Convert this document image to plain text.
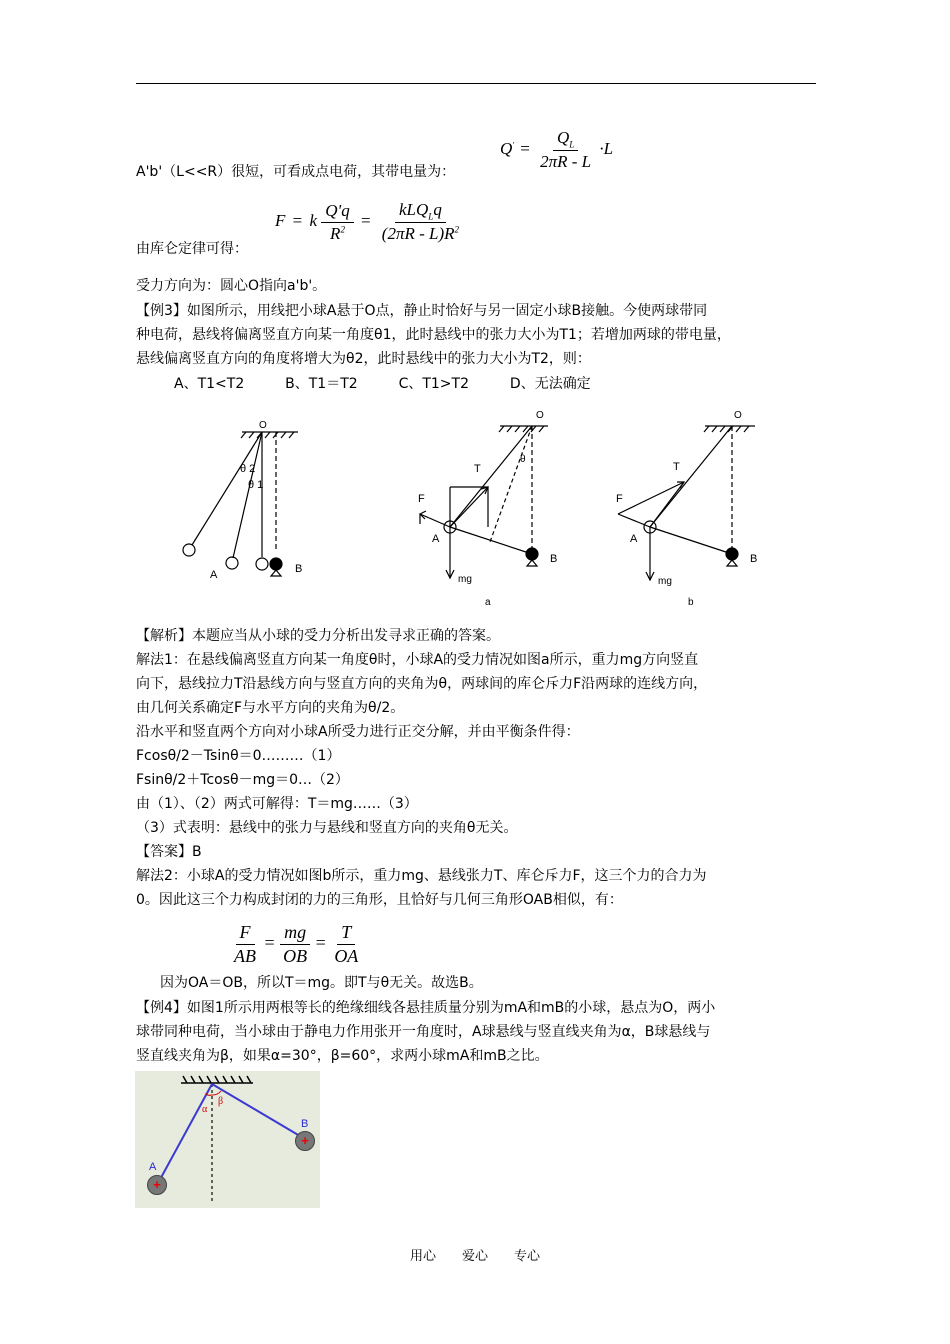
$Q' = \frac{Q_L}{2\pi R - L} \cdot L$
A'b'（L<<R）很短，可看成点电荷，其带电量为：
F = k $\frac{Q'q}{R^2} = \frac{kLQ_Lq}{(2\pi R - L)R^2}$
由库仑定律可得：
受力方向为：圆心O指向a'b'。
【例3】如图所示，用线把小球A悬于O点，静止时恰好与另一固定小球B接触。今使两球带同
种电荷，悬线将偏离竖直方向某一角度θ1，此时悬线中的张力大小为T1；若增加两球的带电量，
悬线偏离竖直方向的角度将增大为θ2，此时悬线中的张力大小为T2，则：
A、T1<T2	B、T1＝T2	C、T1>T2	D、无法确定
O
θ 2
θ 1
A	B
O
θ
T
F
A
B
mg
a
O
T
F
A
B
mg
b
【解析】本题应当从小球的受力分析出发寻求正确的答案。
解法1：在悬线偏离竖直方向某一角度θ时，小球A的受力情况如图a所示，重力mg方向竖直
向下，悬线拉力T沿悬线方向与竖直方向的夹角为θ，两球间的库仑斥力F沿两球的连线方向，
由几何关系确定F与水平方向的夹角为θ/2。
沿水平和竖直两个方向对小球A所受力进行正交分解，并由平衡条件得：
Fcosθ/2－Tsinθ＝0………（1）
Fsinθ/2＋Tcosθ－mg＝0…（2）
由（1）、（2）两式可解得：T＝mg……（3）
（3）式表明：悬线中的张力与悬线和竖直方向的夹角θ无关。
【答案】B
解法2：小球A的受力情况如图b所示，重力mg、悬线张力T、库仑斥力F，这三个力的合力为
0。因此这三个力构成封闭的力的三角形，且恰好与几何三角形OAB相似，有：
$\frac{F}{AB} = \frac{mg}{OB} = \frac{T}{OA}$
因为OA＝OB，所以T＝mg。即T与θ无关。故选B。
【例4】如图1所示用两根等长的绝缘细线各悬挂质量分别为mA和mB的小球，悬点为O，两小
球带同种电荷，当小球由于静电力作用张开一角度时，A球悬线与竖直线夹角为α，B球悬线与
竖直线夹角为β，如果α=30°，β=60°，求两小球mA和mB之比。
+
+
A
B
α
β
用心　　爱心　　专心
